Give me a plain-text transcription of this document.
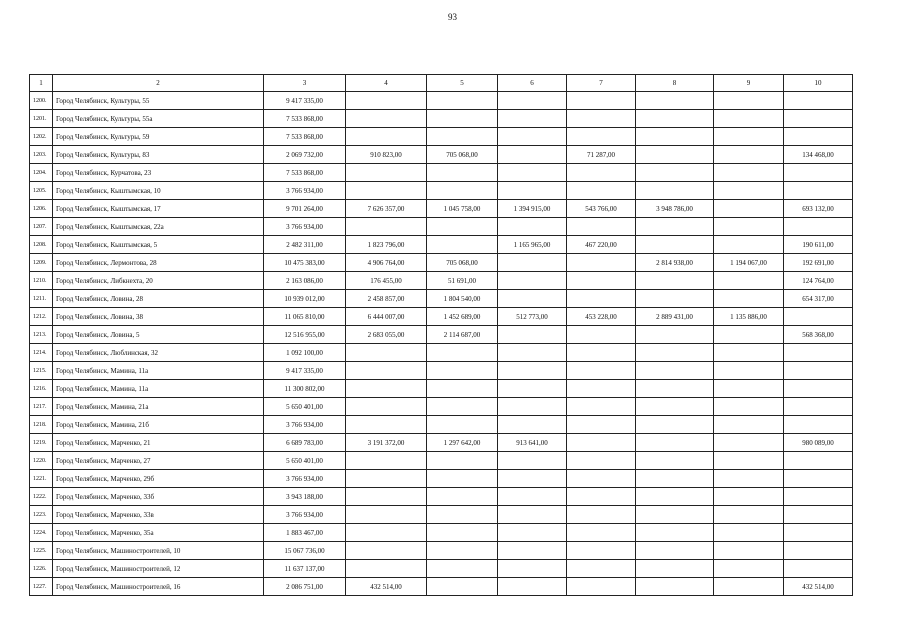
93
1	2	3	4	5	6	7	8	9	10
1200.	Город Челябинск, Культуры, 55	9 417 335,00							
1201.	Город Челябинск, Культуры, 55а	7 533 868,00							
1202.	Город Челябинск, Культуры, 59	7 533 868,00							
1203.	Город Челябинск, Культуры, 83	2 069 732,00	910 823,00	705 068,00		71 287,00			134 468,00
1204.	Город Челябинск, Курчатова, 23	7 533 868,00							
1205.	Город Челябинск, Кыштымская, 10	3 766 934,00							
1206.	Город Челябинск, Кыштымская, 17	9 701 264,00	7 626 357,00	1 045 758,00	1 394 915,00	543 766,00	3 948 786,00		693 132,00
1207.	Город Челябинск, Кыштымская, 22а	3 766 934,00							
1208.	Город Челябинск, Кыштымская, 5	2 482 311,00	1 823 796,00		1 165 965,00	467 220,00			190 611,00
1209.	Город Челябинск, Лермонтова, 28	10 475 383,00	4 906 764,00	705 068,00			2 814 938,00	1 194 067,00	192 691,00
1210.	Город Челябинск, Либкнехта, 20	2 163 086,00	176 455,00	51 691,00					124 764,00
1211.	Город Челябинск, Ловина, 28	10 939 012,00	2 458 857,00	1 804 540,00					654 317,00
1212.	Город Челябинск, Ловина, 38	11 065 810,00	6 444 007,00	1 452 689,00	512 773,00	453 228,00	2 889 431,00	1 135 886,00	
1213.	Город Челябинск, Ловина, 5	12 516 955,00	2 683 055,00	2 114 687,00					568 368,00
1214.	Город Челябинск, Люблинская, 32	1 092 100,00							
1215.	Город Челябинск, Мамина, 11а	9 417 335,00							
1216.	Город Челябинск, Мамина, 11а	11 300 802,00							
1217.	Город Челябинск, Мамина, 21а	5 650 401,00							
1218.	Город Челябинск, Мамина, 21б	3 766 934,00							
1219.	Город Челябинск, Марченко, 21	6 689 783,00	3 191 372,00	1 297 642,00	913 641,00				980 089,00
1220.	Город Челябинск, Марченко, 27	5 650 401,00							
1221.	Город Челябинск, Марченко, 29б	3 766 934,00							
1222.	Город Челябинск, Марченко, 33б	3 943 188,00							
1223.	Город Челябинск, Марченко, 33в	3 766 934,00							
1224.	Город Челябинск, Марченко, 35а	1 883 467,00							
1225.	Город Челябинск, Машиностроителей, 10	15 067 736,00							
1226.	Город Челябинск, Машиностроителей, 12	11 637 137,00							
1227.	Город Челябинск, Машиностроителей, 16	2 086 751,00	432 514,00						432 514,00
